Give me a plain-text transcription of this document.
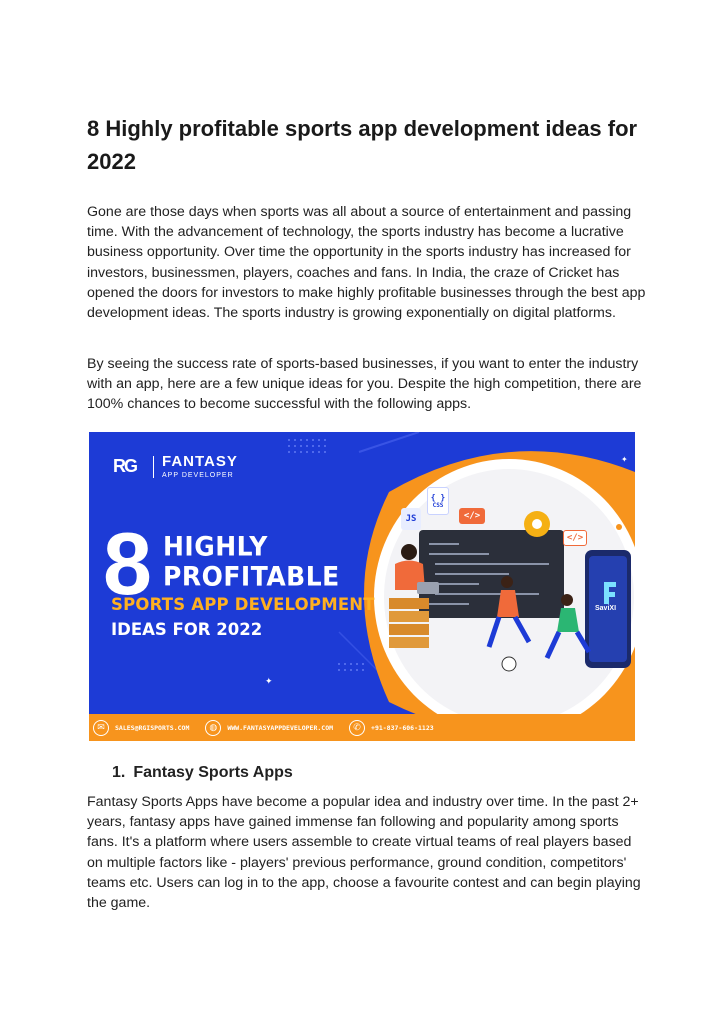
8 Highly profitable sports app development ideas for 2022

Gone are those days when sports was all about a source of entertainment and passing time. With the advancement of technology, the sports industry has become a lucrative business opportunity. Over time the opportunity in the sports industry has increased for investors, businessmen, players, coaches and fans. In India, the craze of Cricket has opened the doors for investors to make highly profitable businesses through the best app development ideas. The sports industry is growing exponentially on digital platforms.

By seeing the success rate of sports-based businesses, if you want to enter the industry with an app, here are a few unique ideas for you. Despite the high competition, there are 100% chances to become successful with the following apps.

✦
✦
RG	FANTASY
APP DEVELOPER
8 HIGHLY
PROFITABLE
SPORTS APP DEVELOPMENT
IDEAS FOR 2022
{ }
CSS
JS	</>
</>
SaviXI
✉	SALES@RGISPORTS.COM	◍	WWW.FANTASYAPPDEVELOPER.COM	✆	+91-837-606-1123
1. Fantasy Sports Apps

Fantasy Sports Apps have become a popular idea and industry over time. In the past 2+ years, fantasy apps have gained immense fan following and popularity among sports fans. It's a platform where users assemble to create virtual teams of real players based on multiple factors like - players' previous performance, ground condition, competitors' teams etc. Users can log in to the app, choose a favourite contest and can begin playing the game.
